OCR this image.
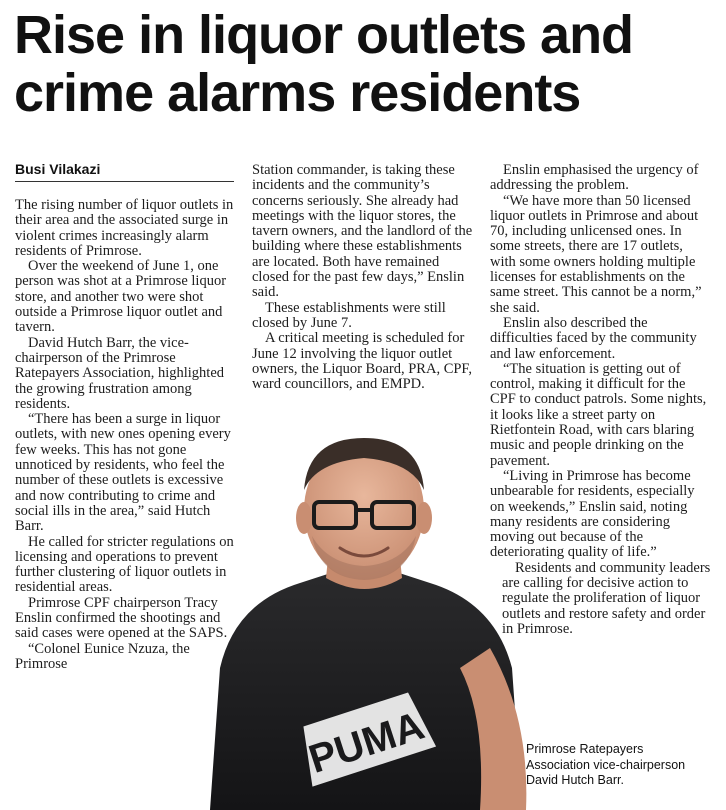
Rise in liquor outlets and
crime alarms residents
Busi Vilakazi

The rising number of liquor outlets in their area and the associated surge in violent crimes increasingly alarm residents of Primrose.

Over the weekend of June 1, one person was shot at a Primrose liquor store, and another two were shot outside a Primrose liquor outlet and tavern.

David Hutch Barr, the vice-chairperson of the Primrose Ratepayers Association, highlighted the growing frustration among residents.

“There has been a surge in liquor outlets, with new ones opening every few weeks. This has not gone unnoticed by residents, who feel the number of these outlets is excessive and now contributing to crime and social ills in the area,” said Hutch Barr.

He called for stricter regulations on licensing and operations to prevent further clustering of liquor outlets in residential areas.

Primrose CPF chairperson Tracy Enslin confirmed the shootings and said cases were opened at the SAPS.

“Colonel Eunice Nzuza, the Primrose

Station commander, is taking these incidents and the community’s concerns seriously. She already had meetings with the liquor stores, the tavern owners, and the landlord of the building where these establishments are located. Both have remained closed for the past few days,” Enslin said.

These establishments were still closed by June 7.

A critical meeting is scheduled for June 12 involving the liquor outlet owners, the Liquor Board, PRA, CPF, ward councillors, and EMPD.

Enslin emphasised the urgency of addressing the problem.

“We have more than 50 licensed liquor outlets in Primrose and about 70, including unlicensed ones. In some streets, there are 17 outlets, with some owners holding multiple licenses for establishments on the same street. This cannot be a norm,” she said.

Enslin also described the difficulties faced by the community and law enforcement.

“The situation is getting out of control, making it difficult for the CPF to conduct patrols. Some nights, it looks like a street party on Rietfontein Road, with cars blaring music and people drinking on the pavement.

“Living in Primrose has become unbearable for residents, especially on weekends,” Enslin said, noting many residents are considering moving out because of the deteriorating quality of life.”

Residents and community leaders are calling for decisive action to regulate the proliferation of liquor outlets and restore safety and order in Primrose.

PUMA	Primrose Ratepayers
Association vice-chairperson
David Hutch Barr.
